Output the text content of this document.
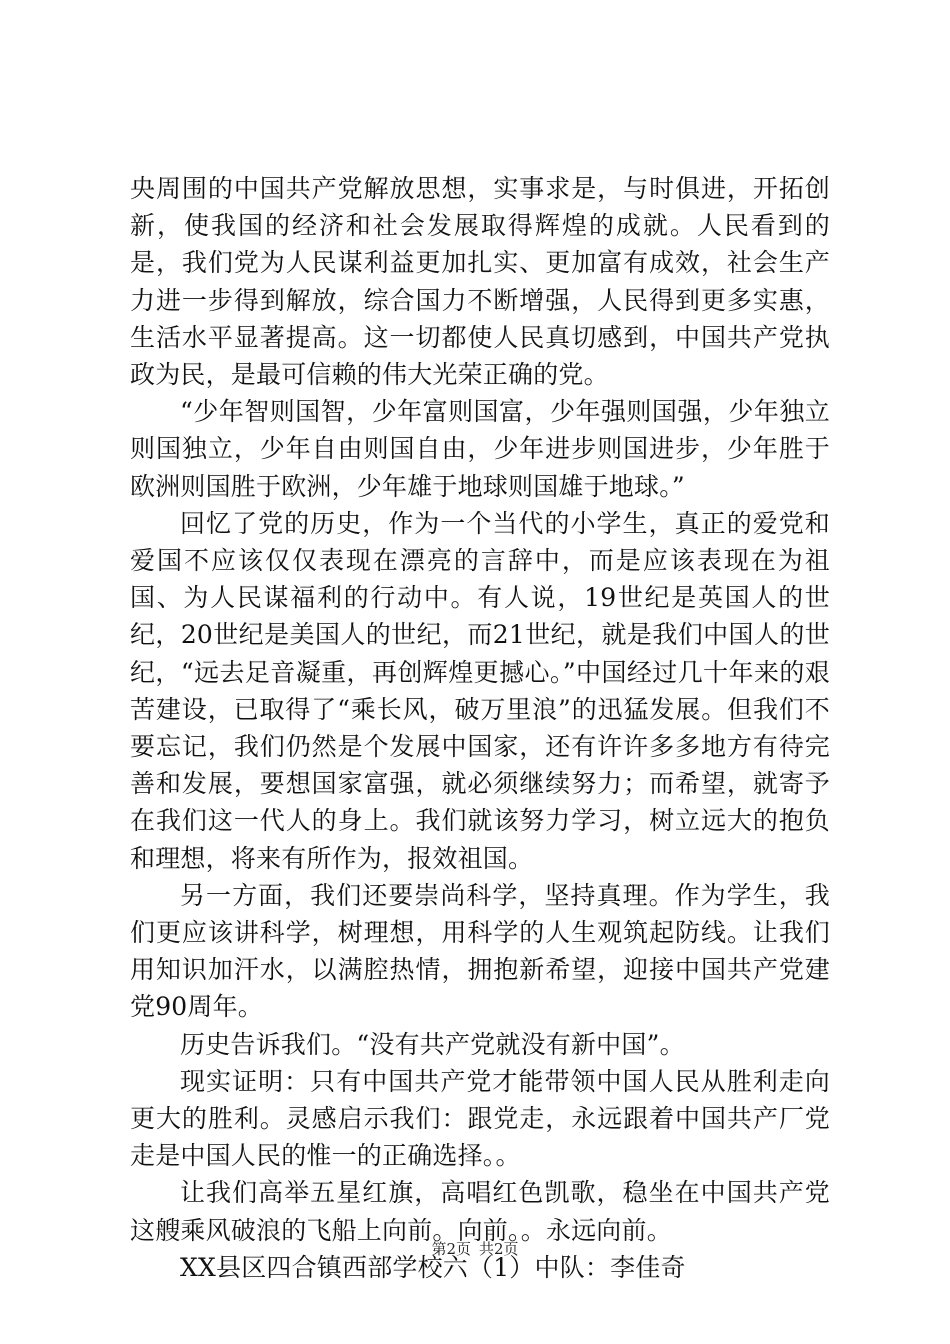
央周围的中国共产党解放思想，实事求是，与时俱进，开拓创新，使我国的经济和社会发展取得辉煌的成就。人民看到的是，我们党为人民谋利益更加扎实、更加富有成效，社会生产力进一步得到解放，综合国力不断增强，人民得到更多实惠，生活水平显著提高。这一切都使人民真切感到，中国共产党执政为民，是最可信赖的伟大光荣正确的党。

“少年智则国智，少年富则国富，少年强则国强，少年独立则国独立，少年自由则国自由，少年进步则国进步，少年胜于欧洲则国胜于欧洲，少年雄于地球则国雄于地球。”

回忆了党的历史，作为一个当代的小学生，真正的爱党和爱国不应该仅仅表现在漂亮的言辞中，而是应该表现在为祖国、为人民谋福利的行动中。有人说，19世纪是英国人的世纪，20世纪是美国人的世纪，而21世纪，就是我们中国人的世纪，“远去足音凝重，再创辉煌更撼心。”中国经过几十年来的艰苦建设，已取得了“乘长风，破万里浪”的迅猛发展。但我们不要忘记，我们仍然是个发展中国家，还有许许多多地方有待完善和发展，要想国家富强，就必须继续努力；而希望，就寄予在我们这一代人的身上。我们就该努力学习，树立远大的抱负和理想，将来有所作为，报效祖国。

另一方面，我们还要崇尚科学，坚持真理。作为学生，我们更应该讲科学，树理想，用科学的人生观筑起防线。让我们用知识加汗水，以满腔热情，拥抱新希望，迎接中国共产党建党90周年。

历史告诉我们。“没有共产党就没有新中国”。

现实证明：只有中国共产党才能带领中国人民从胜利走向更大的胜利。灵感启示我们：跟党走，永远跟着中国共产厂党走是中国人民的惟一的正确选择。。

让我们高举五星红旗，高唱红色凯歌，稳坐在中国共产党这艘乘风破浪的飞船上向前。向前。。永远向前。

XX县区四合镇西部学校六（1）中队：李佳奇

第2页 共2页
